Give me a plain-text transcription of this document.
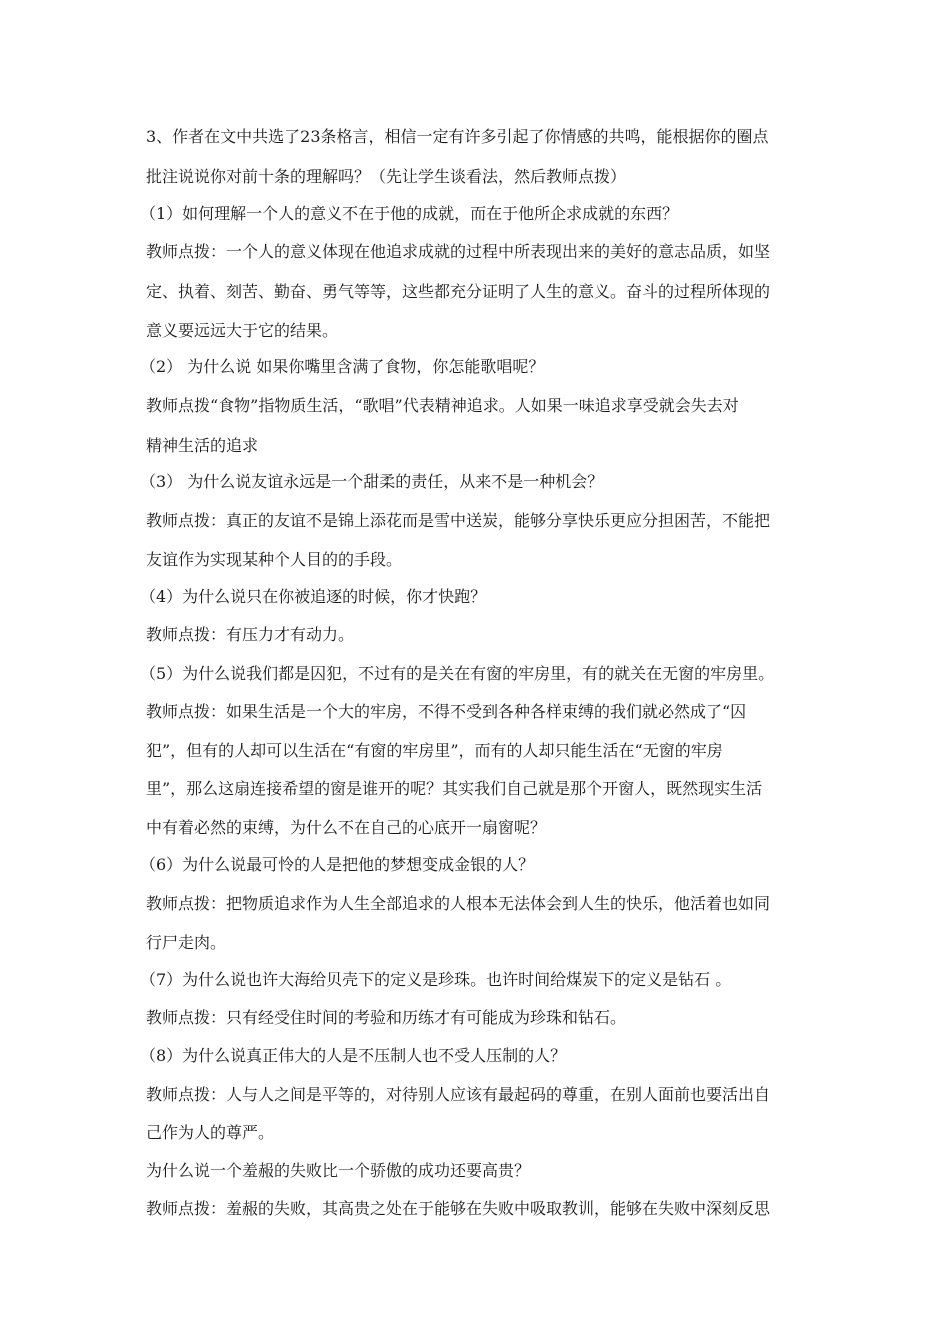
3、作者在文中共选了23条格言，相信一定有许多引起了你情感的共鸣，能根据你的圈点
批注说说你对前十条的理解吗？（先让学生谈看法，然后教师点拨）
（1）如何理解一个人的意义不在于他的成就，而在于他所企求成就的东西？
教师点拨：一个人的意义体现在他追求成就的过程中所表现出来的美好的意志品质，如坚
定、执着、刻苦、勤奋、勇气等等，这些都充分证明了人生的意义。奋斗的过程所体现的
意义要远远大于它的结果。
（2） 为什么说 如果你嘴里含满了食物，你怎能歌唱呢？
教师点拨“食物”指物质生活，“歌唱”代表精神追求。人如果一味追求享受就会失去对
精神生活的追求
（3） 为什么说友谊永远是一个甜柔的责任，从来不是一种机会？
教师点拨：真正的友谊不是锦上添花而是雪中送炭，能够分享快乐更应分担困苦，不能把
友谊作为实现某种个人目的的手段。
（4）为什么说只在你被追逐的时候，你才快跑？
教师点拨：有压力才有动力。
（5）为什么说我们都是囚犯，不过有的是关在有窗的牢房里，有的就关在无窗的牢房里。
教师点拨：如果生活是一个大的牢房，不得不受到各种各样束缚的我们就必然成了“囚
犯”，但有的人却可以生活在“有窗的牢房里”，而有的人却只能生活在“无窗的牢房
里”，那么这扇连接希望的窗是谁开的呢？其实我们自己就是那个开窗人，既然现实生活
中有着必然的束缚，为什么不在自己的心底开一扇窗呢？
（6）为什么说最可怜的人是把他的梦想变成金银的人？
教师点拨：把物质追求作为人生全部追求的人根本无法体会到人生的快乐，他活着也如同
行尸走肉。
（7）为什么说也许大海给贝壳下的定义是珍珠。也许时间给煤炭下的定义是钻石 。
教师点拨：只有经受住时间的考验和历练才有可能成为珍珠和钻石。
（8）为什么说真正伟大的人是不压制人也不受人压制的人？
教师点拨：人与人之间是平等的，对待别人应该有最起码的尊重，在别人面前也要活出自
己作为人的尊严。
为什么说一个羞赧的失败比一个骄傲的成功还要高贵？
教师点拨：羞赧的失败，其高贵之处在于能够在失败中吸取教训，能够在失败中深刻反思
